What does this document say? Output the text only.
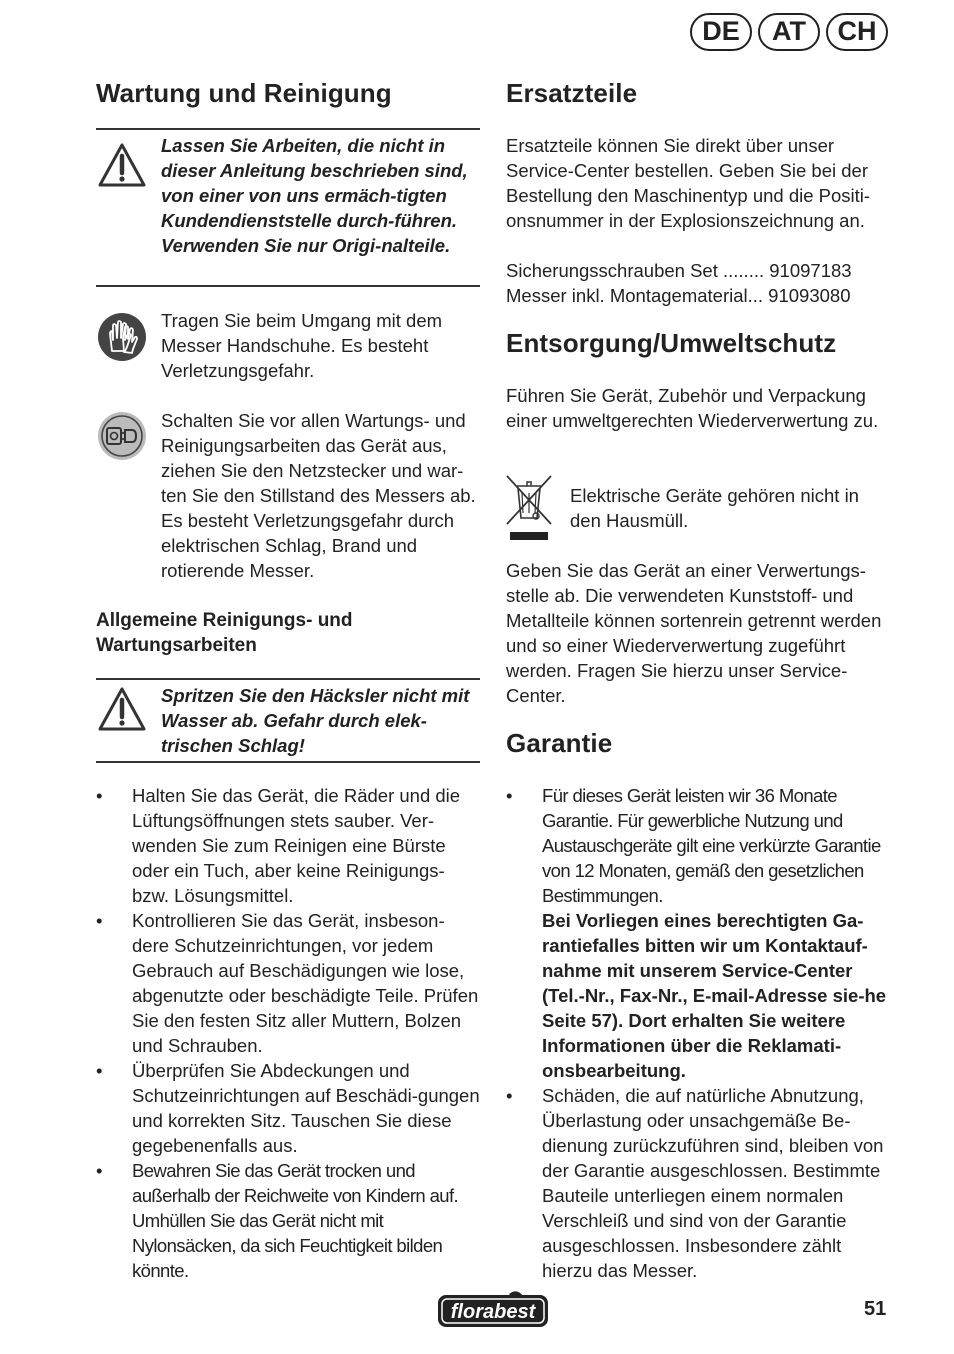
DE	AT	CH
Wartung und Reinigung

Lassen Sie Arbeiten, die nicht in dieser Anleitung beschrieben sind, von einer von uns ermäch-tigten Kundendienststelle durch-führen. Verwenden Sie nur Origi-nalteile.

Tragen Sie beim Umgang mit dem Messer Handschuhe. Es besteht Verletzungsgefahr.

Schalten Sie vor allen Wartungs- und Reinigungsarbeiten das Gerät aus, ziehen Sie den Netzstecker und war-ten Sie den Stillstand des Messers ab. Es besteht Verletzungsgefahr durch elektrischen Schlag, Brand und rotierende Messer.

Allgemeine Reinigungs- und Wartungsarbeiten

Spritzen Sie den Häcksler nicht mit Wasser ab. Gefahr durch elek-trischen Schlag!

• Halten Sie das Gerät, die Räder und die Lüftungsöffnungen stets sauber. Ver-wenden Sie zum Reinigen eine Bürste oder ein Tuch, aber keine Reinigungs- bzw. Lösungsmittel.
• Kontrollieren Sie das Gerät, insbeson-dere Schutzeinrichtungen, vor jedem Gebrauch auf Beschädigungen wie lose, abgenutzte oder beschädigte Teile. Prüfen Sie den festen Sitz aller Muttern, Bolzen und Schrauben.
• Überprüfen Sie Abdeckungen und Schutzeinrichtungen auf Beschädi-gungen und korrekten Sitz. Tauschen Sie diese gegebenenfalls aus.
• Bewahren Sie das Gerät trocken und außerhalb der Reichweite von Kindern auf. Umhüllen Sie das Gerät nicht mit Nylonsäcken, da sich Feuchtigkeit bilden könnte.
Ersatzteile

Ersatzteile können Sie direkt über unser Service-Center bestellen. Geben Sie bei der Bestellung den Maschinentyp und die Positi-onsnummer in der Explosionszeichnung an.

Sicherungsschrauben Set ........ 91097183

Messer inkl. Montagematerial... 91093080

Entsorgung/Umweltschutz

Führen Sie Gerät, Zubehör und Verpackung einer umweltgerechten Wiederverwertung zu.

Elektrische Geräte gehören nicht in den Hausmüll.

Geben Sie das Gerät an einer Verwertungs-stelle ab. Die verwendeten Kunststoff- und Metallteile können sortenrein getrennt werden und so einer Wiederverwertung zugeführt werden. Fragen Sie hierzu unser Service-Center.

Garantie
• Für dieses Gerät leisten wir 36 Monate Garantie. Für gewerbliche Nutzung und Austauschgeräte gilt eine verkürzte Garantie von 12 Monaten, gemäß den gesetzlichen Bestimmungen.
Bei Vorliegen eines berechtigten Ga-rantiefalles bitten wir um Kontaktauf-nahme mit unserem Service-Center (Tel.-Nr., Fax-Nr., E-mail-Adresse sie-he Seite 57). Dort erhalten Sie weitere Informationen über die Reklamati-onsbearbeitung.
• Schäden, die auf natürliche Abnutzung, Überlastung oder unsachgemäße Be-dienung zurückzuführen sind, bleiben von der Garantie ausgeschlossen. Bestimmte Bauteile unterliegen einem normalen Verschleiß und sind von der Garantie ausgeschlossen. Insbesondere zählt hierzu das Messer.
florabest	51
